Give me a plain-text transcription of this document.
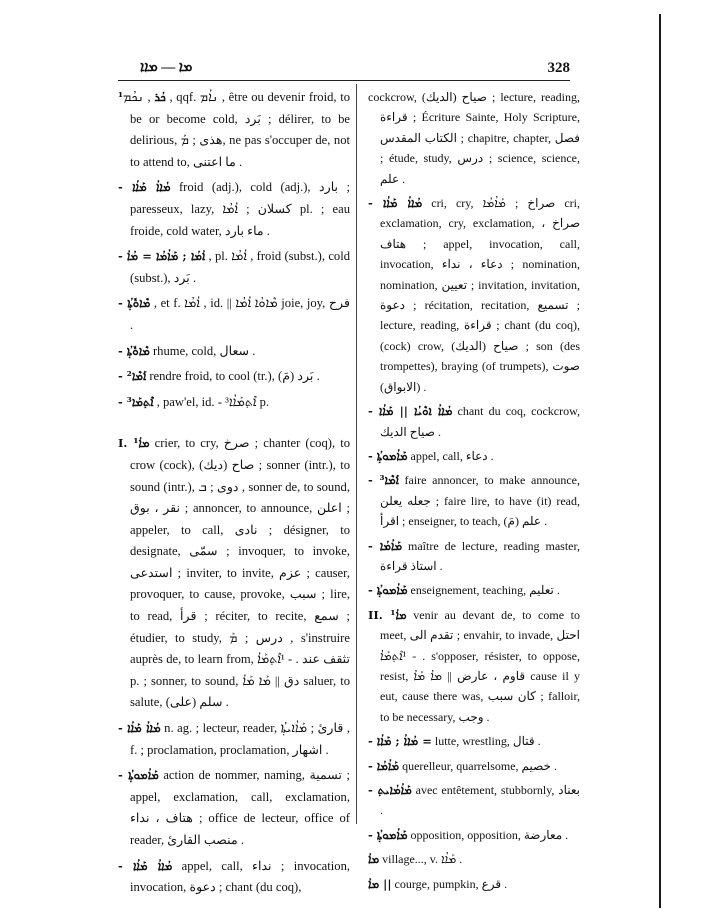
ܡܐ — ܡܐܐ	328

¹ܟܳܪ , ܢܟܳܡ , qqf. ܢܐܳܡ , être ou devenir froid, to be or become cold, بَرد ; délirer, to be delirious, هذى ; ܡܰ, ne pas s'occuper de, not to attend to, ما اعتنى .

- ܡܳܐܐܳ ܡܰܐܳܐ froid (adj.), cold (adj.), بارد ; paresseux, lazy, كسلان ; ܐܳܡܳܐ pl. ; eau froide, cold water, ماء بارد .

- ܐܳܡܳܐ ; ܡܰܐܳܡܳܐ = ܡܳܐܳ , pl. ܐܳܡܳܐ , froid (subst.), cold (subst.), بَرد .

- ܡܶܐܘܽܬ̣ܳܐ , et f. ܐܳܡܳܐ , id. || ܡܶܐܘܳܐ ܐܳܡܳܐ joie, joy, فرح .

- ܡܶܐܘܽܬ̣ܳܐ rhume, cold, سعال .

- ²ܐܰܡܶܐ rendre froid, to cool (tr.), بَرد (مَ) .

- ³ܐܶܬ̣ܡܰܐ , paw'el, id. - ³ܐܶܬ̣ܡܰܐܳܐ p.

I. ¹ܡܐܳ crier, to cry, صرخ ; chanter (coq), to crow (cock), صاح (ديك) ; sonner (intr.), to sound (intr.), دوى ; ܒ , sonner de, to sound, نقر ، بوق ; annoncer, to announce, اعلن ; appeler, to call, نادى ; désigner, to designate, سمّى ; invoquer, to invoke, استدعى ; inviter, to invite, عزم ; causer, provoquer, to cause, provoke, سبب ; lire, to read, قرأ ; réciter, to recite, سمع ; étudier, to study, درس ; ܡܰ , s'instruire auprès de, to learn from, تثقف عند . - ¹ܐܶܬ̣ܡܰܐܳ p. ; sonner, to sound, دق || ܡܰܐ ܡܰܐܳ saluer, to salute, سلم (على) .

- ܡܳܐܐܳ ܡܰܐܳܐ n. ag. ; lecteur, reader, قارئ ; ܡܰܐܳܐܝܬ̣ܳܐ , f. ; proclamation, proclamation, اشهار .

- ܡܰܐܳܡܘܬ̣ܳܐ action de nommer, naming, تسمية ; appel, exclamation, call, exclamation, هتاف ، نداء ; office de lecteur, office of reader, منصب القارئ .

- ܡܳܐܐܳ ܡܰܐܳܐ appel, call, نداء ; invocation, invocation, دعوة ; chant (du coq),

cockcrow, صياح (الديك) ; lecture, reading, قراءة ; Écriture Sainte, Holy Scripture, الكتاب المقدس ; chapitre, chapter, فصل ; étude, study, درس ; science, science, علم .

- ܡܳܐܐܳ ܡܰܐܳܐ cri, cry, صراخ ; ܡܰܐܳܡܳܐ cri, exclamation, cry, exclamation, صراخ ، هتاف ; appel, invocation, call, invocation, دعاء ، نداء ; nomination, nomination, تعيين ; invitation, invitation, دعوة ; récitation, recitation, تسميع ; lecture, reading, قراءة ; chant (du coq), (cock) crow, صياح (الديك) ; son (des trompettes), braying (of trumpets), صوت (الابواق) .

- ܡܳܐܐܳ ܐܘܶܝܳܐ || ܡܰܐܳܐ chant du coq, cockcrow, صياح الديك .

- ܡܰܐܳܡܘܬ̣ܳܐ appel, call, دعاء .

- ³ܐܰܡܶܐ faire annoncer, to make announce, جعله يعلن ; faire lire, to have (it) read, اقرأ ; enseigner, to teach, علم (مَ) .

- ܡܰܐܳܡܳܐ maître de lecture, reading master, استاذ قراءة .

- ܡܰܐܳܡܘܬ̣ܳܐ enseignement, teaching, تعليم .

II. ¹ܡܐܳ venir au devant de, to come to meet, تقدم الى ; envahir, to invade, احتل . - ¹ܐܶܬ̣ܡܰܐܳ s'opposer, résister, to oppose, resist, قاوم ، عارض || ܡܐܳ ܡܰܐܳ cause il y eut, cause there was, كان سبب ; falloir, to be necessary, وجب .

- ܡܳܐܐܳ ; ܡܰܐܳܐ = lutte, wrestling, قتال .

- ܡܰܐܳܡܳܐ querelleur, quarrelsome, خصيم .

- ܡܰܐܳܡܳܐܝܬ̣ avec entêtement, stubbornly, بعناد .

- ܡܰܐܳܡܘܬ̣ܳܐ opposition, opposition, معارضة .

ܡܐܳ village..., v. ܡܰܐܳܐ .

ܡܐܳ || courge, pumpkin, قرع .
